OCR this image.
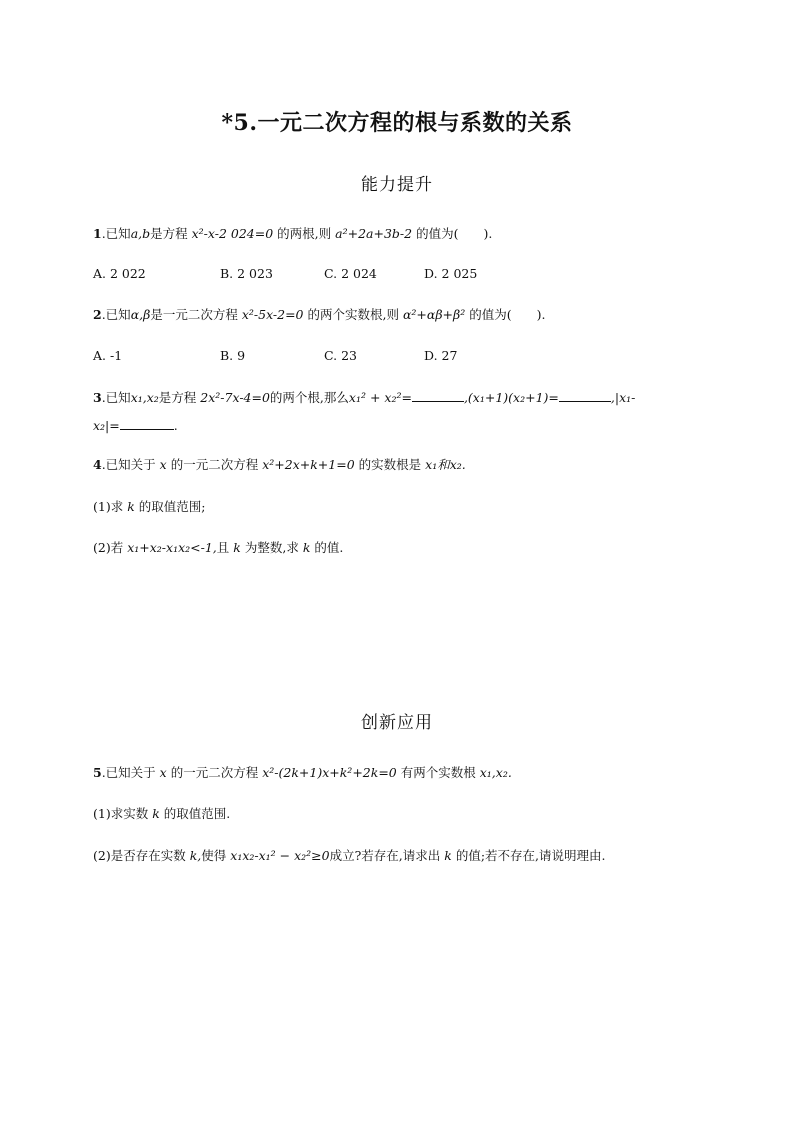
*5.一元二次方程的根与系数的关系
能力提升
1.已知a,b是方程 x²-x-2 024=0 的两根,则 a²+2a+3b-2 的值为(　　).
A. 2 022	B. 2 023	C. 2 024	D. 2 025
2.已知α,β是一元二次方程 x²-5x-2=0 的两个实数根,则 α²+αβ+β² 的值为(　　).
A. -1	B. 9	C. 23	D. 27
3.已知x₁,x₂是方程 2x²-7x-4=0的两个根,那么x₁² + x₂²=	,(x₁+1)(x₂+1)=	,|x₁-
x₂|=	.
4.已知关于 x 的一元二次方程 x²+2x+k+1=0 的实数根是 x₁和x₂.
(1)求 k 的取值范围;
(2)若 x₁+x₂-x₁x₂<-1,且 k 为整数,求 k 的值.
创新应用
5.已知关于 x 的一元二次方程 x²-(2k+1)x+k²+2k=0 有两个实数根 x₁,x₂.
(1)求实数 k 的取值范围.
(2)是否存在实数 k,使得 x₁x₂-x₁² − x₂²≥0成立?若存在,请求出 k 的值;若不存在,请说明理由.
